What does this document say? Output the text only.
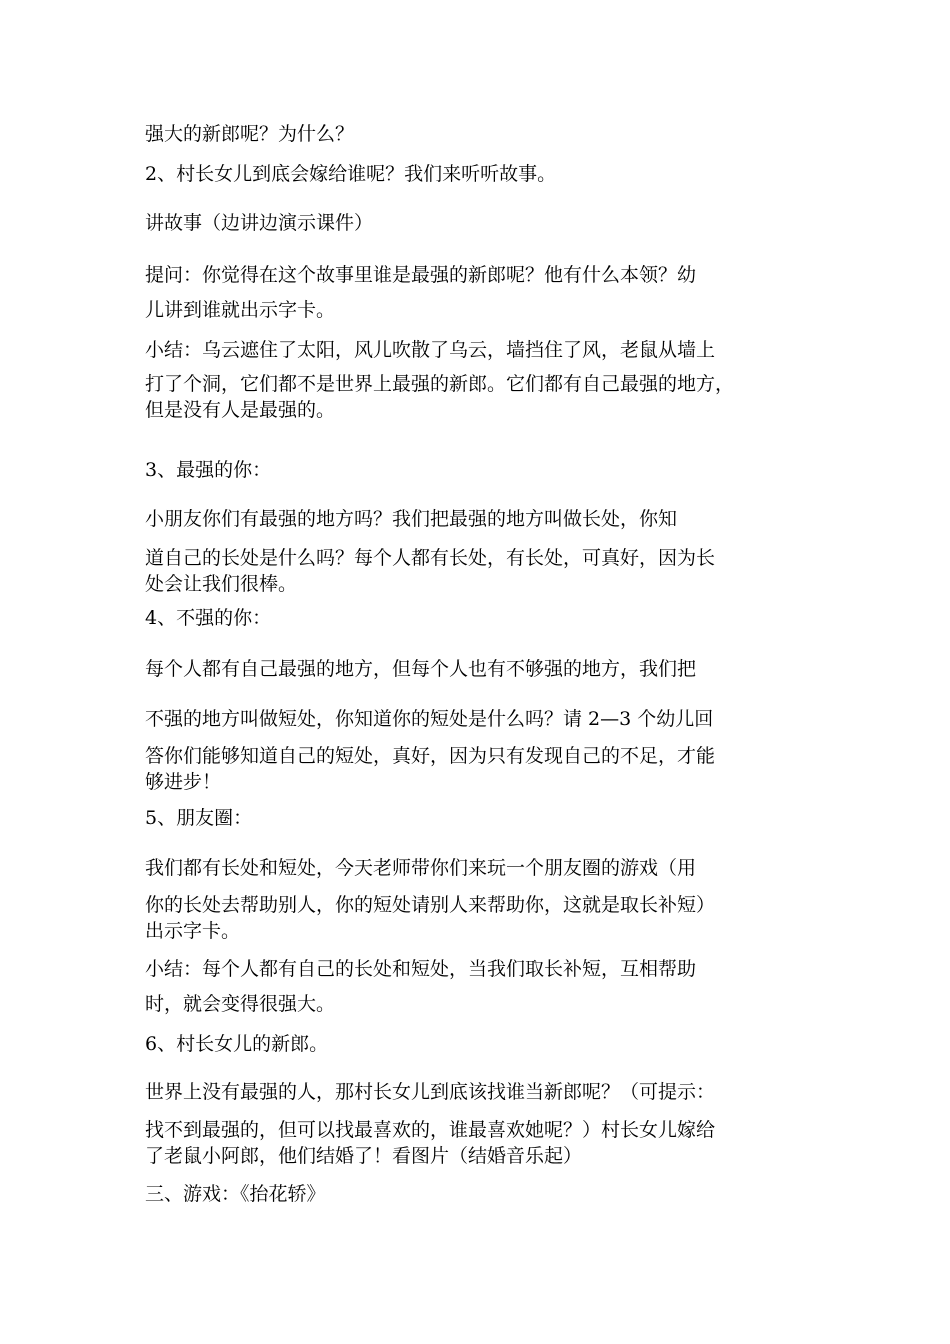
强大的新郎呢？为什么？

2、村长女儿到底会嫁给谁呢？我们来听听故事。

讲故事（边讲边演示课件）

提问：你觉得在这个故事里谁是最强的新郎呢？他有什么本领？幼

儿讲到谁就出示字卡。

小结：乌云遮住了太阳，风儿吹散了乌云，墙挡住了风，老鼠从墙上

打了个洞，它们都不是世界上最强的新郎。它们都有自己最强的地方，

但是没有人是最强的。

3、最强的你：

小朋友你们有最强的地方吗？我们把最强的地方叫做长处，你知

道自己的长处是什么吗？每个人都有长处，有长处，可真好，因为长

处会让我们很棒。

4、不强的你：

每个人都有自己最强的地方，但每个人也有不够强的地方，我们把

不强的地方叫做短处，你知道你的短处是什么吗？请 2—3 个幼儿回

答你们能够知道自己的短处，真好，因为只有发现自己的不足，才能

够进步！

5、朋友圈：

我们都有长处和短处，今天老师带你们来玩一个朋友圈的游戏（用

你的长处去帮助别人，你的短处请别人来帮助你，这就是取长补短）

出示字卡。

小结：每个人都有自己的长处和短处，当我们取长补短，互相帮助

时，就会变得很强大。

6、村长女儿的新郎。

世界上没有最强的人，那村长女儿到底该找谁当新郎呢？（可提示：

找不到最强的，但可以找最喜欢的，谁最喜欢她呢？）村长女儿嫁给

了老鼠小阿郎，他们结婚了！看图片（结婚音乐起）

三、游戏：《抬花轿》
